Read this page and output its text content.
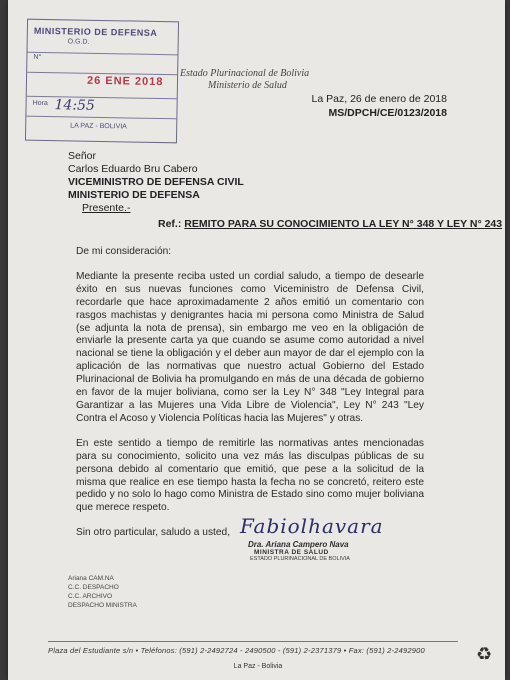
MINISTERIO DE DEFENSA
O.G.D.
N°
26 ENE 2018
Hora 14:55
LA PAZ - BOLIVIA
Estado Plurinacional de Bolivia
Ministerio de Salud
La Paz, 26 de enero de 2018
MS/DPCH/CE/0123/2018
Señor
Carlos Eduardo Bru Cabero
VICEMINISTRO DE DEFENSA CIVIL
MINISTERIO DE DEFENSA
Presente.-
Ref.: REMITO PARA SU CONOCIMIENTO LA LEY N° 348 Y LEY N° 243

De mi consideración:

Mediante la presente reciba usted un cordial saludo, a tiempo de desearle éxito en sus nuevas funciones como Viceministro de Defensa Civil, recordarle que hace aproximadamente 2 años emitió un comentario con rasgos machistas y denigrantes hacia mi persona como Ministra de Salud (se adjunta la nota de prensa), sin embargo me veo en la obligación de enviarle la presente carta ya que cuando se asume como autoridad a nivel nacional se tiene la obligación y el deber aun mayor de dar el ejemplo con la aplicación de las normativas que nuestro actual Gobierno del Estado Plurinacional de Bolivia ha promulgando en más de una década de gobierno en favor de la mujer boliviana, como ser la Ley N° 348 "Ley Integral para Garantizar a las Mujeres una Vida Libre de Violencia", Ley N° 243 "Ley Contra el Acoso y Violencia Políticas hacia las Mujeres" y otras.

En este sentido a tiempo de remitirle las normativas antes mencionadas para su conocimiento, solicito una vez más las disculpas públicas de su persona debido al comentario que emitió, que pese a la solicitud de la misma que realice en ese tiempo hasta la fecha no se concretó, reitero este pedido y no solo lo hago como Ministra de Estado sino como mujer boliviana que merece respeto.

Sin otro particular, saludo a usted, Fabiolhavara
Dra. Ariana Campero Nava
MINISTRA DE SALUD
ESTADO PLURINACIONAL DE BOLIVIA
Ariana CAM.NA
C.C. DESPACHO
C.C. ARCHIVO
DESPACHO MINISTRA
Plaza del Estudiante s/n • Teléfonos: (591) 2-2492724 - 2490500 - (591) 2-2371379 • Fax: (591) 2-2492900
La Paz - Bolivia
♻
